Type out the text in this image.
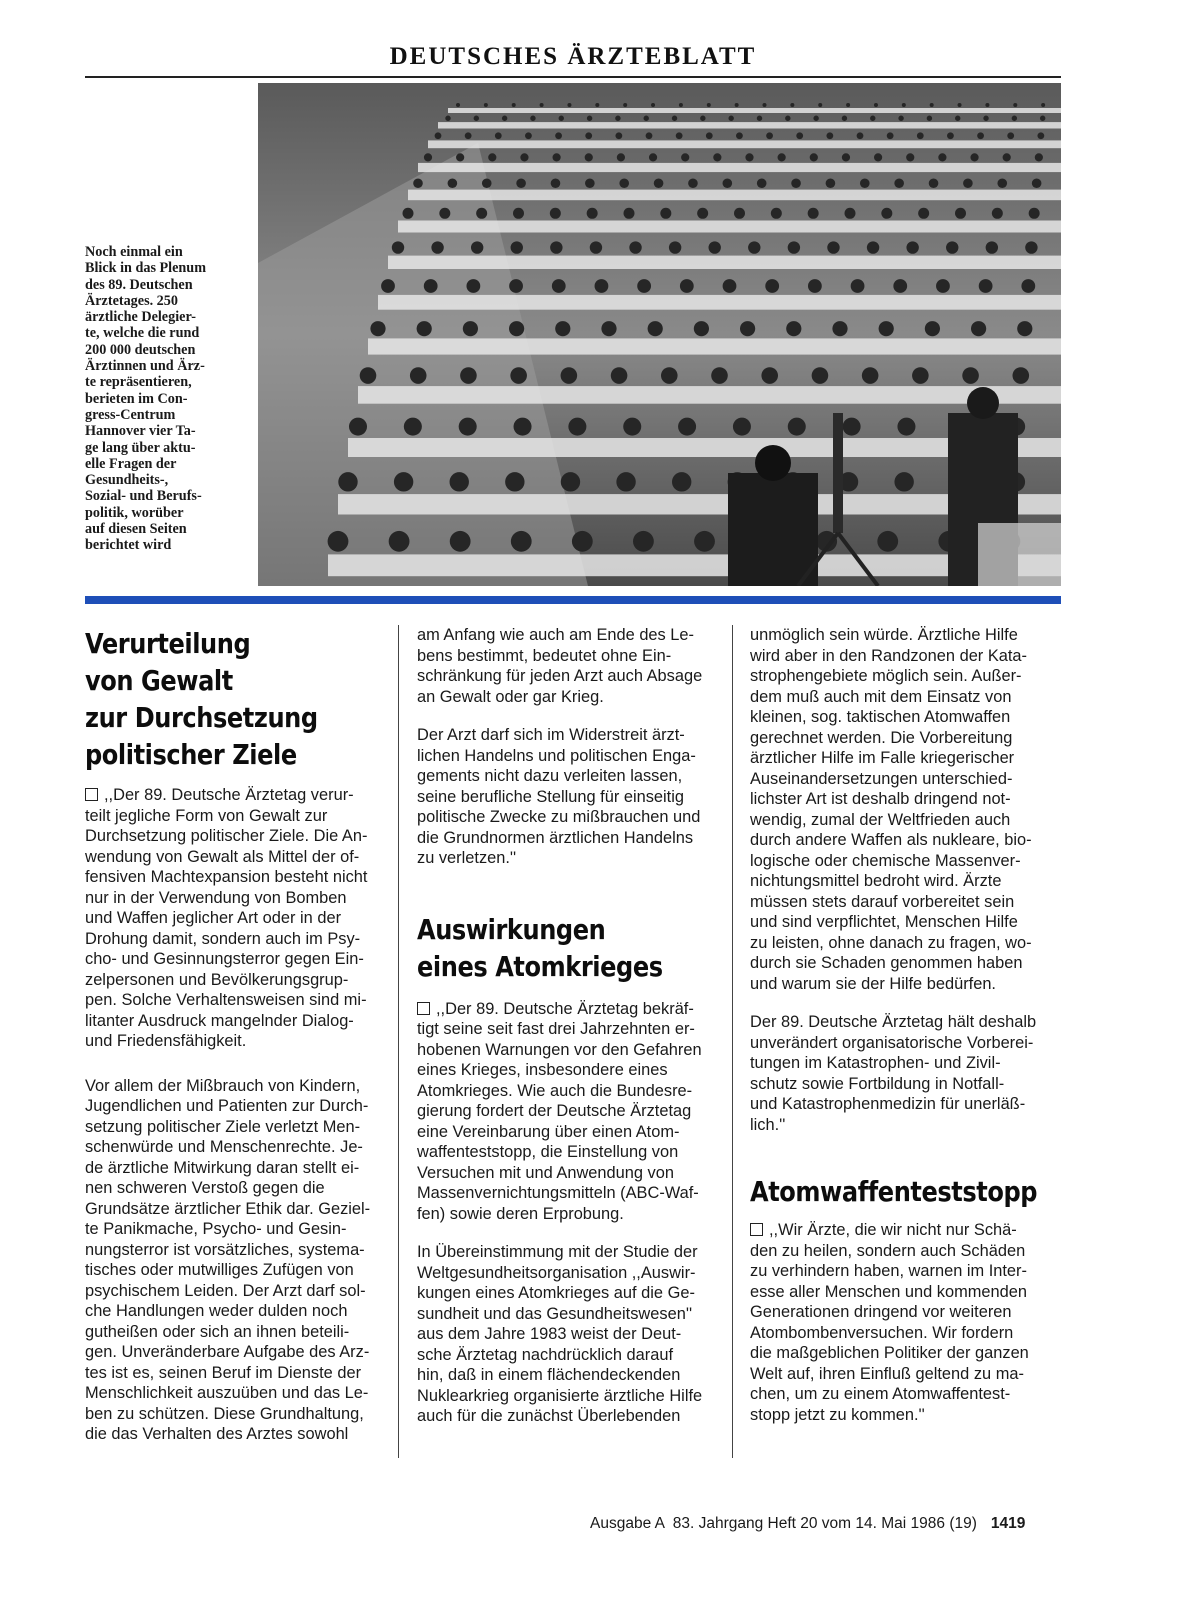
DEUTSCHES ÄRZTEBLATT
Noch einmal ein
Blick in das Plenum
des 89. Deutschen
Ärztetages. 250
ärztliche Delegier-
te, welche die rund
200 000 deutschen
Ärztinnen und Ärz-
te repräsentieren,
berieten im Con-
gress-Centrum
Hannover vier Ta-
ge lang über aktu-
elle Fragen der
Gesundheits-,
Sozial- und Berufs-
politik, worüber
auf diesen Seiten
berichtet wird
Verurteilung
von Gewalt
zur Durchsetzung
politischer Ziele
,,Der 89. Deutsche Ärztetag verur-
teilt jegliche Form von Gewalt zur
Durchsetzung politischer Ziele. Die An-
wendung von Gewalt als Mittel der of-
fensiven Machtexpansion besteht nicht
nur in der Verwendung von Bomben
und Waffen jeglicher Art oder in der
Drohung damit, sondern auch im Psy-
cho- und Gesinnungsterror gegen Ein-
zelpersonen und Bevölkerungsgrup-
pen. Solche Verhaltensweisen sind mi-
litanter Ausdruck mangelnder Dialog-
und Friedensfähigkeit.
Vor allem der Mißbrauch von Kindern,
Jugendlichen und Patienten zur Durch-
setzung politischer Ziele verletzt Men-
schenwürde und Menschenrechte. Je-
de ärztliche Mitwirkung daran stellt ei-
nen schweren Verstoß gegen die
Grundsätze ärztlicher Ethik dar. Geziel-
te Panikmache, Psycho- und Gesin-
nungsterror ist vorsätzliches, systema-
tisches oder mutwilliges Zufügen von
psychischem Leiden. Der Arzt darf sol-
che Handlungen weder dulden noch
gutheißen oder sich an ihnen beteili-
gen. Unveränderbare Aufgabe des Arz-
tes ist es, seinen Beruf im Dienste der
Menschlichkeit auszuüben und das Le-
ben zu schützen. Diese Grundhaltung,
die das Verhalten des Arztes sowohl
am Anfang wie auch am Ende des Le-
bens bestimmt, bedeutet ohne Ein-
schränkung für jeden Arzt auch Absage
an Gewalt oder gar Krieg.
Der Arzt darf sich im Widerstreit ärzt-
lichen Handelns und politischen Enga-
gements nicht dazu verleiten lassen,
seine berufliche Stellung für einseitig
politische Zwecke zu mißbrauchen und
die Grundnormen ärztlichen Handelns
zu verletzen.''
Auswirkungen
eines Atomkrieges
,,Der 89. Deutsche Ärztetag bekräf-
tigt seine seit fast drei Jahrzehnten er-
hobenen Warnungen vor den Gefahren
eines Krieges, insbesondere eines
Atomkrieges. Wie auch die Bundesre-
gierung fordert der Deutsche Ärztetag
eine Vereinbarung über einen Atom-
waffenteststopp, die Einstellung von
Versuchen mit und Anwendung von
Massenvernichtungsmitteln (ABC-Waf-
fen) sowie deren Erprobung.
In Übereinstimmung mit der Studie der
Weltgesundheitsorganisation ,,Auswir-
kungen eines Atomkrieges auf die Ge-
sundheit und das Gesundheitswesen''
aus dem Jahre 1983 weist der Deut-
sche Ärztetag nachdrücklich darauf
hin, daß in einem flächendeckenden
Nuklearkrieg organisierte ärztliche Hilfe
auch für die zunächst Überlebenden
unmöglich sein würde. Ärztliche Hilfe
wird aber in den Randzonen der Kata-
strophengebiete möglich sein. Außer-
dem muß auch mit dem Einsatz von
kleinen, sog. taktischen Atomwaffen
gerechnet werden. Die Vorbereitung
ärztlicher Hilfe im Falle kriegerischer
Auseinandersetzungen unterschied-
lichster Art ist deshalb dringend not-
wendig, zumal der Weltfrieden auch
durch andere Waffen als nukleare, bio-
logische oder chemische Massenver-
nichtungsmittel bedroht wird. Ärzte
müssen stets darauf vorbereitet sein
und sind verpflichtet, Menschen Hilfe
zu leisten, ohne danach zu fragen, wo-
durch sie Schaden genommen haben
und warum sie der Hilfe bedürfen.
Der 89. Deutsche Ärztetag hält deshalb
unverändert organisatorische Vorberei-
tungen im Katastrophen- und Zivil-
schutz sowie Fortbildung in Notfall-
und Katastrophenmedizin für unerläß-
lich.''
Atomwaffenteststopp
,,Wir Ärzte, die wir nicht nur Schä-
den zu heilen, sondern auch Schäden
zu verhindern haben, warnen im Inter-
esse aller Menschen und kommenden
Generationen dringend vor weiteren
Atombombenversuchen. Wir fordern
die maßgeblichen Politiker der ganzen
Welt auf, ihren Einfluß geltend zu ma-
chen, um zu einem Atomwaffentest-
stopp jetzt zu kommen.''
Ausgabe A  83. Jahrgang Heft 20 vom 14. Mai 1986 (19) 1419
